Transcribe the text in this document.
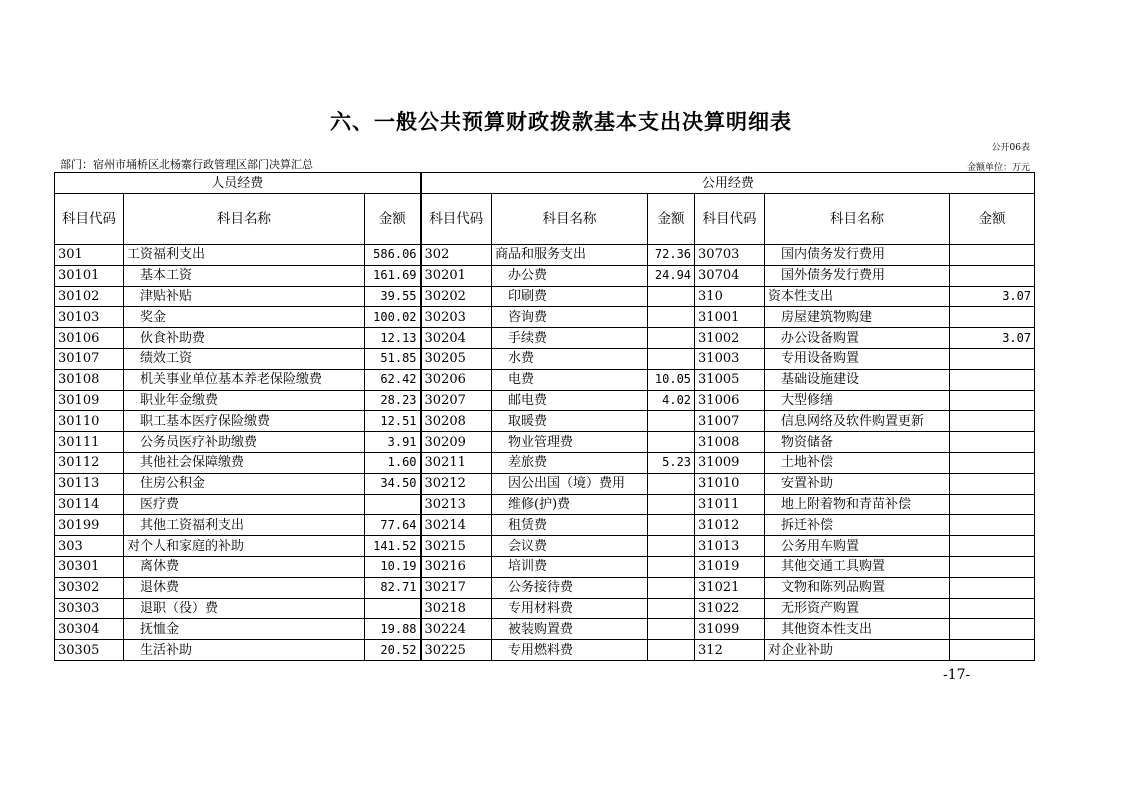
六、一般公共预算财政拨款基本支出决算明细表
公开06表
部门：宿州市埇桥区北杨寨行政管理区部门决算汇总	金额单位：万元
人员经费			公用经费					
科目代码	科目名称	金额	科目代码	科目名称	金额	科目代码	科目名称	金额
301	工资福利支出	586.06	302	商品和服务支出	72.36	30703	国内债务发行费用	
30101	基本工资	161.69	30201	办公费	24.94	30704	国外债务发行费用	
30102	津贴补贴	39.55	30202	印刷费		310	资本性支出	3.07
30103	奖金	100.02	30203	咨询费		31001	房屋建筑物购建	
30106	伙食补助费	12.13	30204	手续费		31002	办公设备购置	3.07
30107	绩效工资	51.85	30205	水费		31003	专用设备购置	
30108	机关事业单位基本养老保险缴费	62.42	30206	电费	10.05	31005	基础设施建设	
30109	职业年金缴费	28.23	30207	邮电费	4.02	31006	大型修缮	
30110	职工基本医疗保险缴费	12.51	30208	取暖费		31007	信息网络及软件购置更新	
30111	公务员医疗补助缴费	3.91	30209	物业管理费		31008	物资储备	
30112	其他社会保障缴费	1.60	30211	差旅费	5.23	31009	土地补偿	
30113	住房公积金	34.50	30212	因公出国（境）费用		31010	安置补助	
30114	医疗费		30213	维修(护)费		31011	地上附着物和青苗补偿	
30199	其他工资福利支出	77.64	30214	租赁费		31012	拆迁补偿	
303	对个人和家庭的补助	141.52	30215	会议费		31013	公务用车购置	
30301	离休费	10.19	30216	培训费		31019	其他交通工具购置	
30302	退休费	82.71	30217	公务接待费		31021	文物和陈列品购置	
30303	退职（役）费		30218	专用材料费		31022	无形资产购置	
30304	抚恤金	19.88	30224	被装购置费		31099	其他资本性支出	
30305	生活补助	20.52	30225	专用燃料费		312	对企业补助	
-17-
